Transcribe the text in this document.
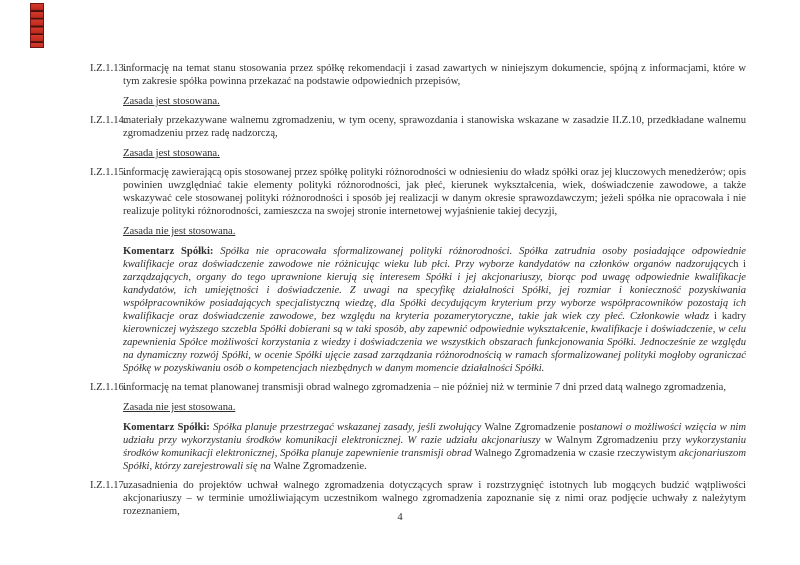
I.Z.1.13.

informację na temat stanu stosowania przez spółkę rekomendacji i zasad zawartych w niniejszym dokumencie, spójną z informacjami, które w tym zakresie spółka powinna przekazać na podstawie odpowiednich przepisów,

Zasada jest stosowana.

I.Z.1.14.

materiały przekazywane walnemu zgromadzeniu, w tym oceny, sprawozdania i stanowiska wskazane w zasadzie II.Z.10, przedkładane walnemu zgromadzeniu przez radę nadzorczą,

Zasada jest stosowana.

I.Z.1.15.

informację zawierającą opis stosowanej przez spółkę polityki różnorodności w odniesieniu do władz spółki oraz jej kluczowych menedżerów; opis powinien uwzględniać takie elementy polityki różnorodności, jak płeć, kierunek wykształcenia, wiek, doświadczenie zawodowe, a także wskazywać cele stosowanej polityki różnorodności i sposób jej realizacji w danym okresie sprawozdawczym; jeżeli spółka nie opracowała i nie realizuje polityki różnorodności, zamieszcza na swojej stronie internetowej wyjaśnienie takiej decyzji,

Zasada nie jest stosowana.

Komentarz Spółki: Spółka nie opracowała sformalizowanej polityki różnorodności. Spółka zatrudnia osoby posiadające odpowiednie kwalifikacje oraz doświadczenie zawodowe nie różnicując wieku lub płci. Przy wyborze kandydatów na członków organów nadzorujących i zarządzających, organy do tego uprawnione kierują się interesem Spółki i jej akcjonariuszy, biorąc pod uwagę odpowiednie kwalifikacje kandydatów, ich umiejętności i doświadczenie. Z uwagi na specyfikę działalności Spółki, jej rozmiar i konieczność pozyskiwania współpracowników posiadających specjalistyczną wiedzę, dla Spółki decydującym kryterium przy wyborze współpracowników pozostają ich kwalifikacje oraz doświadczenie zawodowe, bez względu na kryteria pozamerytoryczne, takie jak wiek czy płeć. Członkowie władz i kadry kierowniczej wyższego szczebla Spółki dobierani są w taki sposób, aby zapewnić odpowiednie wykształcenie, kwalifikacje i doświadczenie, w celu zapewnienia Spółce możliwości korzystania z wiedzy i doświadczenia we wszystkich obszarach funkcjonowania Spółki. Jednocześnie ze względu na dynamiczny rozwój Spółki, w ocenie Spółki ujęcie zasad zarządzania różnorodnością w ramach sformalizowanej polityki mogłoby ograniczać Spółkę w pozyskiwaniu osób o kompetencjach niezbędnych w danym momencie działalności Spółki.

I.Z.1.16.

informację na temat planowanej transmisji obrad walnego zgromadzenia – nie później niż w terminie 7 dni przed datą walnego zgromadzenia,

Zasada nie jest stosowana.

Komentarz Spółki: Spółka planuje przestrzegać wskazanej zasady, jeśli zwołujący Walne Zgromadzenie postanowi o możliwości wzięcia w nim udziału przy wykorzystaniu środków komunikacji elektronicznej. W razie udziału akcjonariuszy w Walnym Zgromadzeniu przy wykorzystaniu środków komunikacji elektronicznej, Spółka planuje zapewnienie transmisji obrad Walnego Zgromadzenia w czasie rzeczywistym akcjonariuszom Spółki, którzy zarejestrowali się na Walne Zgromadzenie.

I.Z.1.17.

uzasadnienia do projektów uchwał walnego zgromadzenia dotyczących spraw i rozstrzygnięć istotnych lub mogących budzić wątpliwości akcjonariuszy – w terminie umożliwiającym uczestnikom walnego zgromadzenia zapoznanie się z nimi oraz podjęcie uchwały z należytym rozeznaniem,

4
